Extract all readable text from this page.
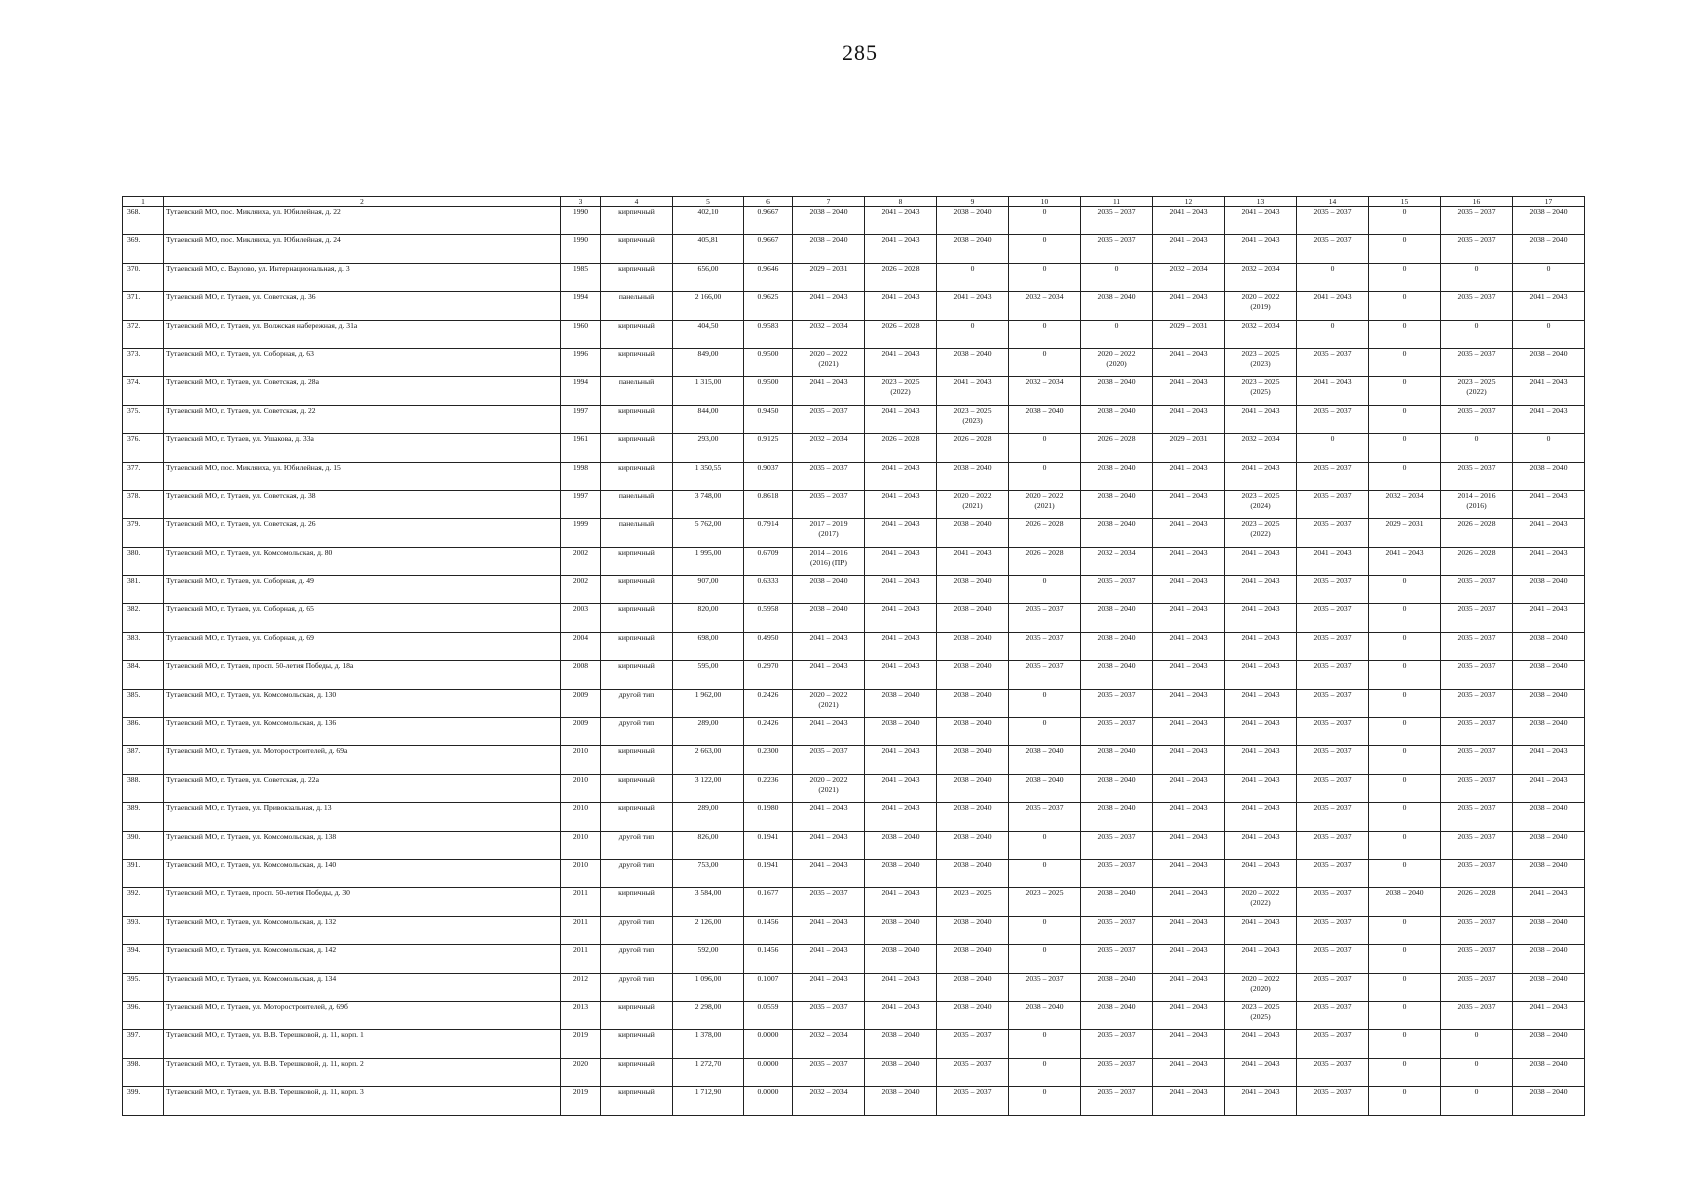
285
1	2	3	4	5	6	7	8	9	10	11	12	13	14	15	16	17
368.	Тутаевский МО, пос. Микляиха, ул. Юбилейная, д. 22	1990	кирпичный	402,10	0.9667	2038 – 2040	2041 – 2043	2038 – 2040	0	2035 – 2037	2041 – 2043	2041 – 2043	2035 – 2037	0	2035 – 2037	2038 – 2040
369.	Тутаевский МО, пос. Микляиха, ул. Юбилейная, д. 24	1990	кирпичный	405,81	0.9667	2038 – 2040	2041 – 2043	2038 – 2040	0	2035 – 2037	2041 – 2043	2041 – 2043	2035 – 2037	0	2035 – 2037	2038 – 2040
370.	Тутаевский МО, с. Ваулово, ул. Интернациональная, д. 3	1985	кирпичный	656,00	0.9646	2029 – 2031	2026 – 2028	0	0	0	2032 – 2034	2032 – 2034	0	0	0	0
371.	Тутаевский МО, г. Тутаев, ул. Советская, д. 36	1994	панельный	2 166,00	0.9625	2041 – 2043	2041 – 2043	2041 – 2043	2032 – 2034	2038 – 2040	2041 – 2043	2020 – 2022
(2019)	2041 – 2043	0	2035 – 2037	2041 – 2043
372.	Тутаевский МО, г. Тутаев, ул. Волжская набережная, д. 31а	1960	кирпичный	404,50	0.9583	2032 – 2034	2026 – 2028	0	0	0	2029 – 2031	2032 – 2034	0	0	0	0
373.	Тутаевский МО, г. Тутаев, ул. Соборная, д. 63	1996	кирпичный	849,00	0.9500	2020 – 2022
(2021)	2041 – 2043	2038 – 2040	0	2020 – 2022
(2020)	2041 – 2043	2023 – 2025
(2023)	2035 – 2037	0	2035 – 2037	2038 – 2040
374.	Тутаевский МО, г. Тутаев, ул. Советская, д. 28а	1994	панельный	1 315,00	0.9500	2041 – 2043	2023 – 2025
(2022)	2041 – 2043	2032 – 2034	2038 – 2040	2041 – 2043	2023 – 2025
(2025)	2041 – 2043	0	2023 – 2025
(2022)	2041 – 2043
375.	Тутаевский МО, г. Тутаев, ул. Советская, д. 22	1997	кирпичный	844,00	0.9450	2035 – 2037	2041 – 2043	2023 – 2025
(2023)	2038 – 2040	2038 – 2040	2041 – 2043	2041 – 2043	2035 – 2037	0	2035 – 2037	2041 – 2043
376.	Тутаевский МО, г. Тутаев, ул. Ушакова, д. 33а	1961	кирпичный	293,00	0.9125	2032 – 2034	2026 – 2028	2026 – 2028	0	2026 – 2028	2029 – 2031	2032 – 2034	0	0	0	0
377.	Тутаевский МО, пос. Микляиха, ул. Юбилейная, д. 15	1998	кирпичный	1 350,55	0.9037	2035 – 2037	2041 – 2043	2038 – 2040	0	2038 – 2040	2041 – 2043	2041 – 2043	2035 – 2037	0	2035 – 2037	2038 – 2040
378.	Тутаевский МО, г. Тутаев, ул. Советская, д. 38	1997	панельный	3 748,00	0.8618	2035 – 2037	2041 – 2043	2020 – 2022
(2021)	2020 – 2022
(2021)	2038 – 2040	2041 – 2043	2023 – 2025
(2024)	2035 – 2037	2032 – 2034	2014 – 2016
(2016)	2041 – 2043
379.	Тутаевский МО, г. Тутаев, ул. Советская, д. 26	1999	панельный	5 762,00	0.7914	2017 – 2019
(2017)	2041 – 2043	2038 – 2040	2026 – 2028	2038 – 2040	2041 – 2043	2023 – 2025
(2022)	2035 – 2037	2029 – 2031	2026 – 2028	2041 – 2043
380.	Тутаевский МО, г. Тутаев, ул. Комсомольская, д. 80	2002	кирпичный	1 995,00	0.6709	2014 – 2016
(2016) (ПР)	2041 – 2043	2041 – 2043	2026 – 2028	2032 – 2034	2041 – 2043	2041 – 2043	2041 – 2043	2041 – 2043	2026 – 2028	2041 – 2043
381.	Тутаевский МО, г. Тутаев, ул. Соборная, д. 49	2002	кирпичный	907,00	0.6333	2038 – 2040	2041 – 2043	2038 – 2040	0	2035 – 2037	2041 – 2043	2041 – 2043	2035 – 2037	0	2035 – 2037	2038 – 2040
382.	Тутаевский МО, г. Тутаев, ул. Соборная, д. 65	2003	кирпичный	820,00	0.5958	2038 – 2040	2041 – 2043	2038 – 2040	2035 – 2037	2038 – 2040	2041 – 2043	2041 – 2043	2035 – 2037	0	2035 – 2037	2041 – 2043
383.	Тутаевский МО, г. Тутаев, ул. Соборная, д. 69	2004	кирпичный	698,00	0.4950	2041 – 2043	2041 – 2043	2038 – 2040	2035 – 2037	2038 – 2040	2041 – 2043	2041 – 2043	2035 – 2037	0	2035 – 2037	2038 – 2040
384.	Тутаевский МО, г. Тутаев, просп. 50-летия Победы, д. 18а	2008	кирпичный	595,00	0.2970	2041 – 2043	2041 – 2043	2038 – 2040	2035 – 2037	2038 – 2040	2041 – 2043	2041 – 2043	2035 – 2037	0	2035 – 2037	2038 – 2040
385.	Тутаевский МО, г. Тутаев, ул. Комсомольская, д. 130	2009	другой тип	1 962,00	0.2426	2020 – 2022
(2021)	2038 – 2040	2038 – 2040	0	2035 – 2037	2041 – 2043	2041 – 2043	2035 – 2037	0	2035 – 2037	2038 – 2040
386.	Тутаевский МО, г. Тутаев, ул. Комсомольская, д. 136	2009	другой тип	289,00	0.2426	2041 – 2043	2038 – 2040	2038 – 2040	0	2035 – 2037	2041 – 2043	2041 – 2043	2035 – 2037	0	2035 – 2037	2038 – 2040
387.	Тутаевский МО, г. Тутаев, ул. Моторостроителей, д. 69а	2010	кирпичный	2 663,00	0.2300	2035 – 2037	2041 – 2043	2038 – 2040	2038 – 2040	2038 – 2040	2041 – 2043	2041 – 2043	2035 – 2037	0	2035 – 2037	2041 – 2043
388.	Тутаевский МО, г. Тутаев, ул. Советская, д. 22а	2010	кирпичный	3 122,00	0.2236	2020 – 2022
(2021)	2041 – 2043	2038 – 2040	2038 – 2040	2038 – 2040	2041 – 2043	2041 – 2043	2035 – 2037	0	2035 – 2037	2041 – 2043
389.	Тутаевский МО, г. Тутаев, ул. Привокзальная, д. 13	2010	кирпичный	289,00	0.1980	2041 – 2043	2041 – 2043	2038 – 2040	2035 – 2037	2038 – 2040	2041 – 2043	2041 – 2043	2035 – 2037	0	2035 – 2037	2038 – 2040
390.	Тутаевский МО, г. Тутаев, ул. Комсомольская, д. 138	2010	другой тип	826,00	0.1941	2041 – 2043	2038 – 2040	2038 – 2040	0	2035 – 2037	2041 – 2043	2041 – 2043	2035 – 2037	0	2035 – 2037	2038 – 2040
391.	Тутаевский МО, г. Тутаев, ул. Комсомольская, д. 140	2010	другой тип	753,00	0.1941	2041 – 2043	2038 – 2040	2038 – 2040	0	2035 – 2037	2041 – 2043	2041 – 2043	2035 – 2037	0	2035 – 2037	2038 – 2040
392.	Тутаевский МО, г. Тутаев, просп. 50-летия Победы, д. 30	2011	кирпичный	3 584,00	0.1677	2035 – 2037	2041 – 2043	2023 – 2025	2023 – 2025	2038 – 2040	2041 – 2043	2020 – 2022
(2022)	2035 – 2037	2038 – 2040	2026 – 2028	2041 – 2043
393.	Тутаевский МО, г. Тутаев, ул. Комсомольская, д. 132	2011	другой тип	2 126,00	0.1456	2041 – 2043	2038 – 2040	2038 – 2040	0	2035 – 2037	2041 – 2043	2041 – 2043	2035 – 2037	0	2035 – 2037	2038 – 2040
394.	Тутаевский МО, г. Тутаев, ул. Комсомольская, д. 142	2011	другой тип	592,00	0.1456	2041 – 2043	2038 – 2040	2038 – 2040	0	2035 – 2037	2041 – 2043	2041 – 2043	2035 – 2037	0	2035 – 2037	2038 – 2040
395.	Тутаевский МО, г. Тутаев, ул. Комсомольская, д. 134	2012	другой тип	1 096,00	0.1007	2041 – 2043	2041 – 2043	2038 – 2040	2035 – 2037	2038 – 2040	2041 – 2043	2020 – 2022
(2020)	2035 – 2037	0	2035 – 2037	2038 – 2040
396.	Тутаевский МО, г. Тутаев, ул. Моторостроителей, д. 69б	2013	кирпичный	2 298,00	0.0559	2035 – 2037	2041 – 2043	2038 – 2040	2038 – 2040	2038 – 2040	2041 – 2043	2023 – 2025
(2025)	2035 – 2037	0	2035 – 2037	2041 – 2043
397.	Тутаевский МО, г. Тутаев, ул. В.В. Терешковой, д. 11, корп. 1	2019	кирпичный	1 378,00	0.0000	2032 – 2034	2038 – 2040	2035 – 2037	0	2035 – 2037	2041 – 2043	2041 – 2043	2035 – 2037	0	0	2038 – 2040
398.	Тутаевский МО, г. Тутаев, ул. В.В. Терешковой, д. 11, корп. 2	2020	кирпичный	1 272,70	0.0000	2035 – 2037	2038 – 2040	2035 – 2037	0	2035 – 2037	2041 – 2043	2041 – 2043	2035 – 2037	0	0	2038 – 2040
399.	Тутаевский МО, г. Тутаев, ул. В.В. Терешковой, д. 11, корп. 3	2019	кирпичный	1 712,90	0.0000	2032 – 2034	2038 – 2040	2035 – 2037	0	2035 – 2037	2041 – 2043	2041 – 2043	2035 – 2037	0	0	2038 – 2040
